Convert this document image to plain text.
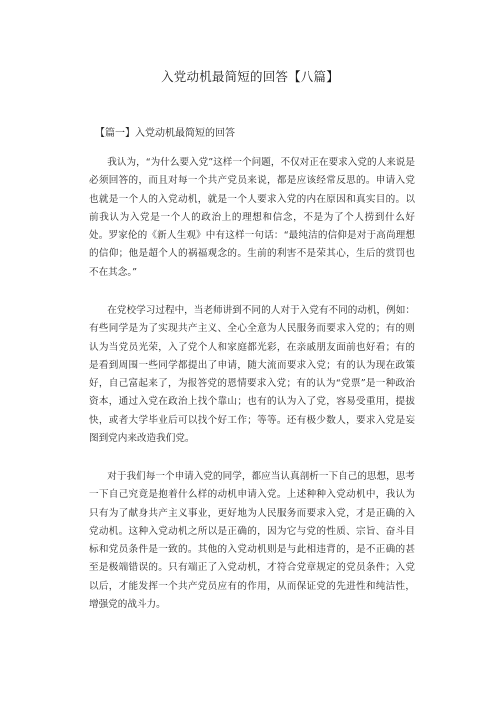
入党动机最简短的回答【八篇】
【篇一】入党动机最简短的回答

我认为，“为什么要入党”这样一个问题，不仅对正在要求入党的人来说是必须回答的，而且对每一个共产党员来说，都是应该经常反思的。申请入党也就是一个人的入党动机，就是一个人要求入党的内在原因和真实目的。以前我认为入党是一个人的政治上的理想和信念，不是为了个人捞到什么好处。罗家伦的《新人生观》中有这样一句话：“最纯洁的信仰是对于高尚理想的信仰；他是超个人的祸福观念的。生前的利害不是荣其心，生后的赏罚也不在其念。”

在党校学习过程中，当老师讲到不同的人对于入党有不同的动机，例如：有些同学是为了实现共产主义、全心全意为人民服务而要求入党的；有的则认为当党员光荣，入了党个人和家庭都光彩，在亲戚朋友面前也好看；有的是看到周围一些同学都提出了申请，随大流而要求入党；有的认为现在政策好，自己富起来了，为报答党的恩情要求入党；有的认为“党票”是一种政治资本，通过入党在政治上找个靠山；也有的认为入了党，容易受重用，提拔快，或者大学毕业后可以找个好工作；等等。还有极少数人，要求入党是妄图到党内来改造我们党。

对于我们每一个申请入党的同学，都应当认真剖析一下自己的思想，思考一下自己究竟是抱着什么样的动机申请入党。上述种种入党动机中，我认为只有为了献身共产主义事业，更好地为人民服务而要求入党，才是正确的入党动机。这种入党动机之所以是正确的，因为它与党的性质、宗旨、奋斗目标和党员条件是一致的。其他的入党动机则是与此相违背的，是不正确的甚至是极端错误的。只有端正了入党动机，才符合党章规定的党员条件；入党以后，才能发挥一个共产党员应有的作用，从而保证党的先进性和纯洁性，增强党的战斗力。
